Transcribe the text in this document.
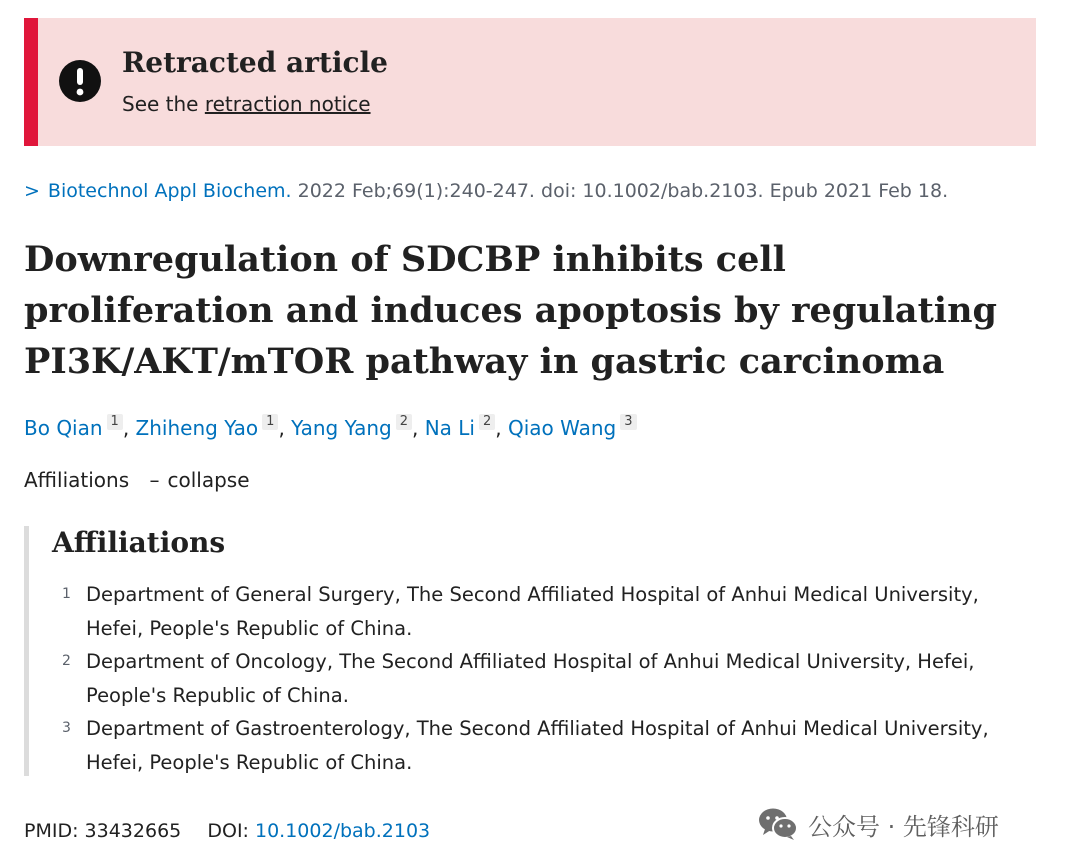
Retracted article
See the retraction notice
> Biotechnol Appl Biochem. 2022 Feb;69(1):240-247. doi: 10.1002/bab.2103. Epub 2021 Feb 18.
Downregulation of SDCBP inhibits cell proliferation and induces apoptosis by regulating PI3K/AKT/mTOR pathway in gastric carcinoma
Bo Qian 1 , Zhiheng Yao 1 , Yang Yang 2 , Na Li 2 , Qiao Wang 3
Affiliations – collapse
Affiliations
1 Department of General Surgery, The Second Affiliated Hospital of Anhui Medical University, Hefei, People's Republic of China.
2 Department of Oncology, The Second Affiliated Hospital of Anhui Medical University, Hefei, People's Republic of China.
3 Department of Gastroenterology, The Second Affiliated Hospital of Anhui Medical University, Hefei, People's Republic of China.
PMID: 33432665 DOI: 10.1002/bab.2103	公众号 · 先锋科研
